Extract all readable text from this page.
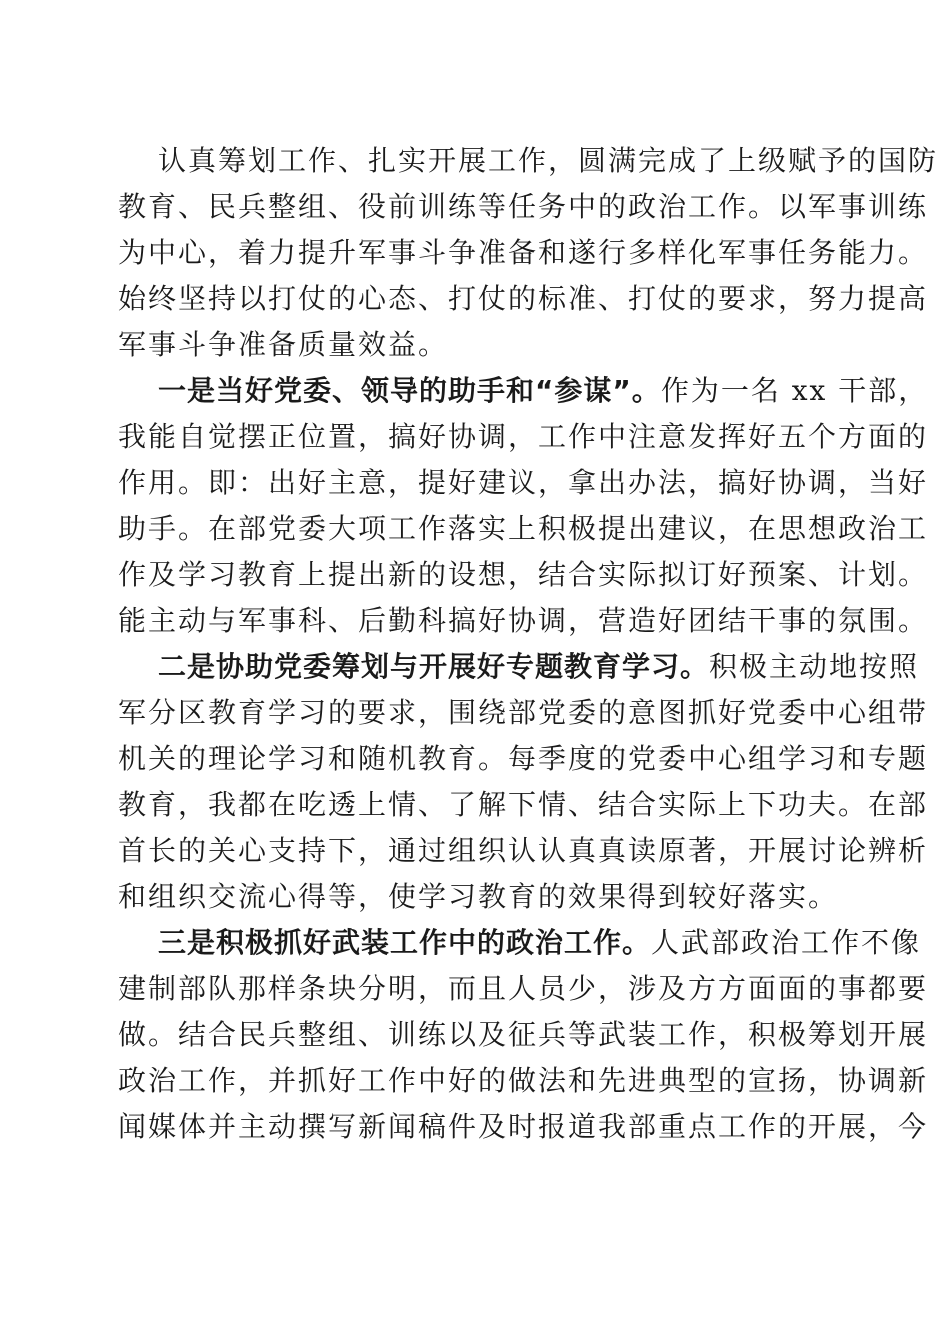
认真筹划工作、扎实开展工作，圆满完成了上级赋予的国防
教育、民兵整组、役前训练等任务中的政治工作。以军事训练
为中心，着力提升军事斗争准备和遂行多样化军事任务能力。
始终坚持以打仗的心态、打仗的标准、打仗的要求，努力提高
军事斗争准备质量效益。
一是当好党委、领导的助手和“参谋”。作为一名 xx 干部，
我能自觉摆正位置，搞好协调，工作中注意发挥好五个方面的
作用。即：出好主意，提好建议，拿出办法，搞好协调，当好
助手。在部党委大项工作落实上积极提出建议，在思想政治工
作及学习教育上提出新的设想，结合实际拟订好预案、计划。
能主动与军事科、后勤科搞好协调，营造好团结干事的氛围。
二是协助党委筹划与开展好专题教育学习。积极主动地按照
军分区教育学习的要求，围绕部党委的意图抓好党委中心组带
机关的理论学习和随机教育。每季度的党委中心组学习和专题
教育，我都在吃透上情、了解下情、结合实际上下功夫。在部
首长的关心支持下，通过组织认认真真读原著，开展讨论辨析
和组织交流心得等，使学习教育的效果得到较好落实。
三是积极抓好武装工作中的政治工作。人武部政治工作不像
建制部队那样条块分明，而且人员少，涉及方方面面的事都要
做。结合民兵整组、训练以及征兵等武装工作，积极筹划开展
政治工作，并抓好工作中好的做法和先进典型的宣扬，协调新
闻媒体并主动撰写新闻稿件及时报道我部重点工作的开展，今
